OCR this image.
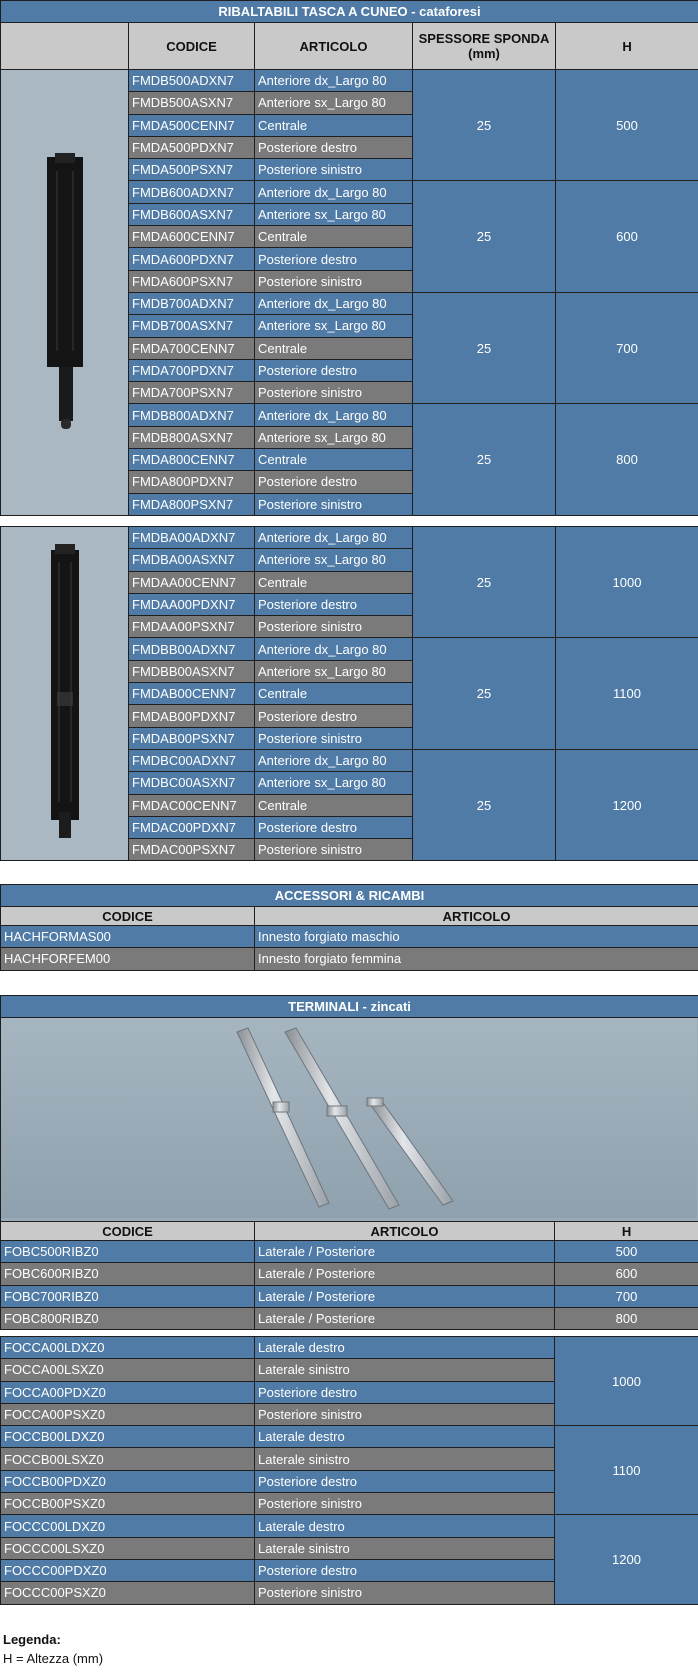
RIBALTABILI TASCA A CUNEO - cataforesi				
	CODICE	ARTICOLO	SPESSORE SPONDA (mm)	H
	FMDB500ADXN7	Anteriore dx_Largo 80	25	500
	FMDB500ASXN7	Anteriore sx_Largo 80		
	FMDA500CENN7	Centrale		
	FMDA500PDXN7	Posteriore destro		
	FMDA500PSXN7	Posteriore sinistro		
	FMDB600ADXN7	Anteriore dx_Largo 80	25	600
	FMDB600ASXN7	Anteriore sx_Largo 80		
	FMDA600CENN7	Centrale		
	FMDA600PDXN7	Posteriore destro		
	FMDA600PSXN7	Posteriore sinistro		
	FMDB700ADXN7	Anteriore dx_Largo 80	25	700
	FMDB700ASXN7	Anteriore sx_Largo 80		
	FMDA700CENN7	Centrale		
	FMDA700PDXN7	Posteriore destro		
	FMDA700PSXN7	Posteriore sinistro		
	FMDB800ADXN7	Anteriore dx_Largo 80	25	800
	FMDB800ASXN7	Anteriore sx_Largo 80		
	FMDA800CENN7	Centrale		
	FMDA800PDXN7	Posteriore destro		
	FMDA800PSXN7	Posteriore sinistro		
	FMDBA00ADXN7	Anteriore dx_Largo 80	25	1000
	FMDBA00ASXN7	Anteriore sx_Largo 80		
	FMDAA00CENN7	Centrale		
	FMDAA00PDXN7	Posteriore destro		
	FMDAA00PSXN7	Posteriore sinistro		
	FMDBB00ADXN7	Anteriore dx_Largo 80	25	1100
	FMDBB00ASXN7	Anteriore sx_Largo 80		
	FMDAB00CENN7	Centrale		
	FMDAB00PDXN7	Posteriore destro		
	FMDAB00PSXN7	Posteriore sinistro		
	FMDBC00ADXN7	Anteriore dx_Largo 80	25	1200
	FMDBC00ASXN7	Anteriore sx_Largo 80		
	FMDAC00CENN7	Centrale		
	FMDAC00PDXN7	Posteriore destro		
	FMDAC00PSXN7	Posteriore sinistro		
ACCESSORI & RICAMBI	
CODICE	ARTICOLO
HACHFORMAS00	Innesto forgiato maschio
HACHFORFEM00	Innesto forgiato femmina
TERMINALI - zincati		

CODICE	ARTICOLO	H
FOBC500RIBZ0	Laterale / Posteriore	500
FOBC600RIBZ0	Laterale / Posteriore	600
FOBC700RIBZ0	Laterale / Posteriore	700
FOBC800RIBZ0	Laterale / Posteriore	800
FOCCA00LDXZ0	Laterale destro	1000
FOCCA00LSXZ0	Laterale sinistro	
FOCCA00PDXZ0	Posteriore destro	
FOCCA00PSXZ0	Posteriore sinistro	
FOCCB00LDXZ0	Laterale destro	1100
FOCCB00LSXZ0	Laterale sinistro	
FOCCB00PDXZ0	Posteriore destro	
FOCCB00PSXZ0	Posteriore sinistro	
FOCCC00LDXZ0	Laterale destro	1200
FOCCC00LSXZ0	Laterale sinistro	
FOCCC00PDXZ0	Posteriore destro	
FOCCC00PSXZ0	Posteriore sinistro	
Legenda:
H = Altezza (mm)
